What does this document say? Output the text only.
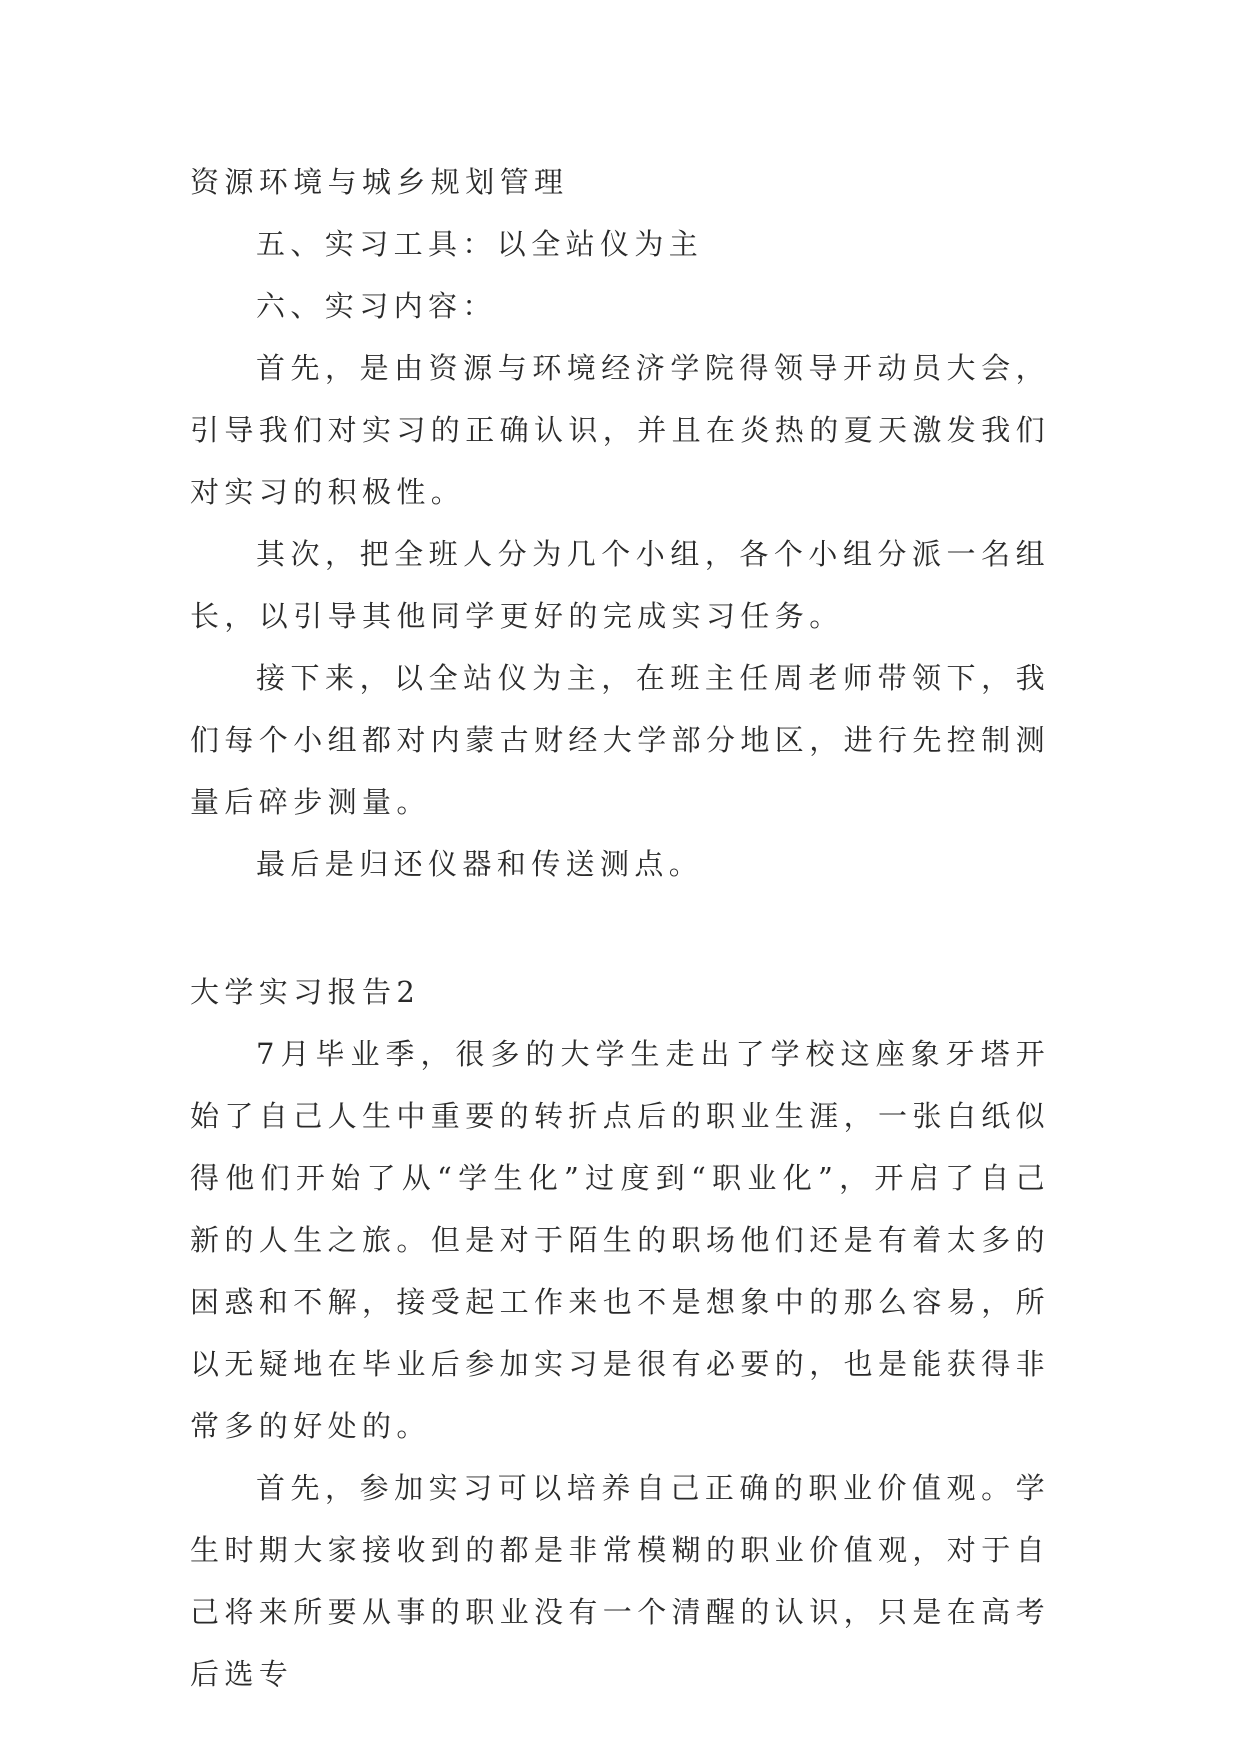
资源环境与城乡规划管理

五、实习工具：以全站仪为主

六、实习内容：

首先，是由资源与环境经济学院得领导开动员大会，引导我们对实习的正确认识，并且在炎热的夏天激发我们对实习的积极性。

其次，把全班人分为几个小组，各个小组分派一名组长，以引导其他同学更好的完成实习任务。

接下来，以全站仪为主，在班主任周老师带领下，我们每个小组都对内蒙古财经大学部分地区，进行先控制测量后碎步测量。

最后是归还仪器和传送测点。

大学实习报告2

7月毕业季，很多的大学生走出了学校这座象牙塔开始了自己人生中重要的转折点后的职业生涯，一张白纸似得他们开始了从“学生化”过度到“职业化”，开启了自己新的人生之旅。但是对于陌生的职场他们还是有着太多的困惑和不解，接受起工作来也不是想象中的那么容易，所以无疑地在毕业后参加实习是很有必要的，也是能获得非常多的好处的。

首先，参加实习可以培养自己正确的职业价值观。学生时期大家接收到的都是非常模糊的职业价值观，对于自己将来所要从事的职业没有一个清醒的认识，只是在高考后选专
